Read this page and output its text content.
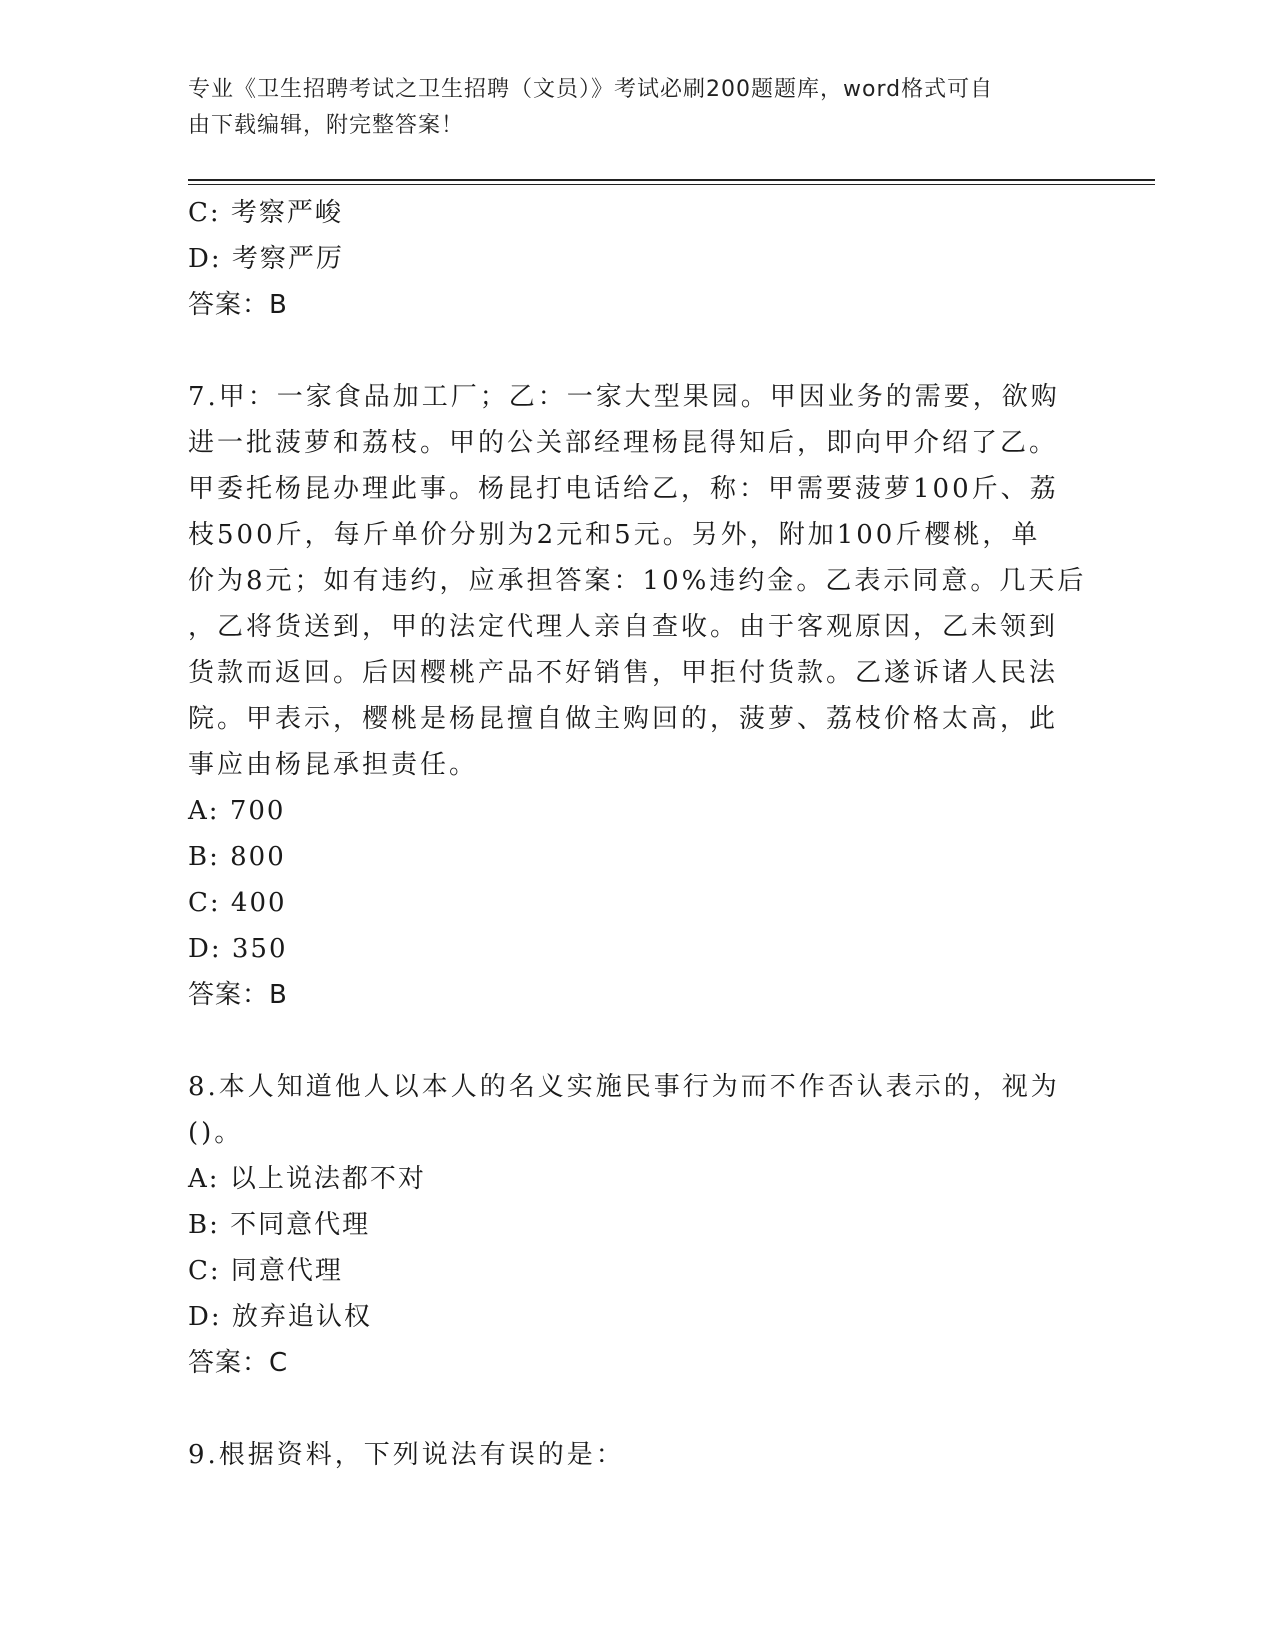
专业《卫生招聘考试之卫生招聘（文员）》考试必刷200题题库，word格式可自
由下载编辑，附完整答案！
C: 考察严峻
D: 考察严厉
答案：B
7.甲：一家食品加工厂；乙：一家大型果园。甲因业务的需要，欲购
进一批菠萝和荔枝。甲的公关部经理杨昆得知后，即向甲介绍了乙。
甲委托杨昆办理此事。杨昆打电话给乙，称：甲需要菠萝100斤、荔
枝500斤，每斤单价分别为2元和5元。另外，附加100斤樱桃，单
价为8元；如有违约，应承担答案：10%违约金。乙表示同意。几天后
，乙将货送到，甲的法定代理人亲自查收。由于客观原因，乙未领到
货款而返回。后因樱桃产品不好销售，甲拒付货款。乙遂诉诸人民法
院。甲表示，樱桃是杨昆擅自做主购回的，菠萝、荔枝价格太高，此
事应由杨昆承担责任。
A: 700
B: 800
C: 400
D: 350
答案：B
8.本人知道他人以本人的名义实施民事行为而不作否认表示的，视为
()。
A: 以上说法都不对
B: 不同意代理
C: 同意代理
D: 放弃追认权
答案：C
9.根据资料，下列说法有误的是：
